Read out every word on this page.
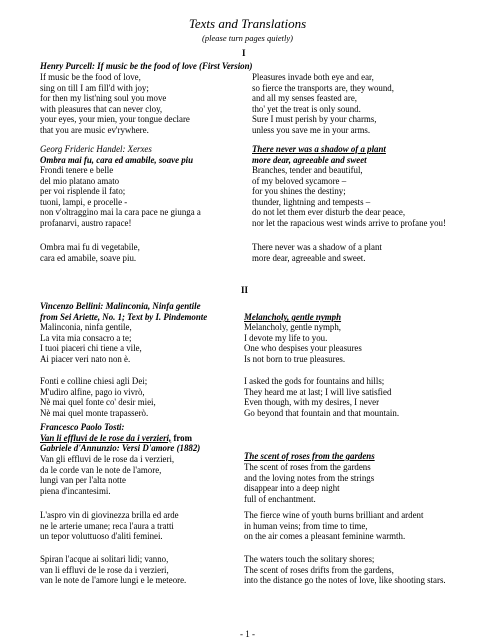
Texts and Translations
(please turn pages quietly)
I
Henry Purcell: If music be the food of love (First Version)
If music be the food of love,
sing on till I am fill'd with joy;
for then my list'ning soul you move
with pleasures that can never cloy,
your eyes, your mien, your tongue declare
that you are music ev'rywhere.
Pleasures invade both eye and ear,
so fierce the transports are, they wound,
and all my senses feasted are,
tho' yet the treat is only sound.
Sure I must perish by your charms,
unless you save me in your arms.
Georg Frideric Handel: Xerxes
Ombra mai fu, cara ed amabile, soave piu
There never was a shadow of a plant
more dear, agreeable and sweet
Frondi tenere e belle
del mio platano amato
per voi risplende il fato;
tuoni, lampi, e procelle -
non v'oltraggino mai la cara pace ne giunga a
profanarvi, austro rapace!
Branches, tender and beautiful,
of my beloved sycamore –
for you shines the destiny;
thunder, lightning and tempests –
do not let them ever disturb the dear peace,
nor let the rapacious west winds arrive to profane you!
Ombra mai fu di vegetabile,
cara ed amabile, soave piu.
There never was a shadow of a plant
more dear, agreeable and sweet.
II
Vincenzo Bellini: Malinconia, Ninfa gentile
from Sei Ariette, No. 1; Text by I. Pindemonte	Melancholy, gentle nymph
Malinconia, ninfa gentile,
La vita mia consacro a te;
I tuoi piaceri chi tiene a vile,
Ai piacer veri nato non è.
Melancholy, gentle nymph,
I devote my life to you.
One who despises your pleasures
Is not born to true pleasures.
Fonti e colline chiesi agli Dei;
M'udiro alfine, pago io vivrò,
Nè mai quel fonte co' desir miei,
Nè mai quel monte trapasserò.
I asked the gods for fountains and hills;
They heard me at last; I will live satisfied
Even though, with my desires, I never
Go beyond that fountain and that mountain.
Francesco Paolo Tosti:
Van li effluvi de le rose da i verzieri, from
Gabriele d'Annunzio: Versi D'amore (1882)
The scent of roses from the gardens
Van gli effluvi de le rose da i verzieri,
da le corde van le note de l'amore,
lungi van per l'alta notte
piena d'incantesimi.
The scent of roses from the gardens
and the loving notes from the strings
disappear into a deep night
full of enchantment.
L'aspro vin di giovinezza brilla ed arde
ne le arterie umane; reca l'aura a tratti
un tepor voluttuoso d'aliti feminei.
The fierce wine of youth burns brilliant and ardent
in human veins; from time to time,
on the air comes a pleasant feminine warmth.
Spiran l'acque ai solitari lidi; vanno,
van li effluvi de le rose da i verzieri,
van le note de l'amore lungi e le meteore.
The waters touch the solitary shores;
The scent of roses drifts from the gardens,
into the distance go the notes of love, like shooting stars.
- 1 -
